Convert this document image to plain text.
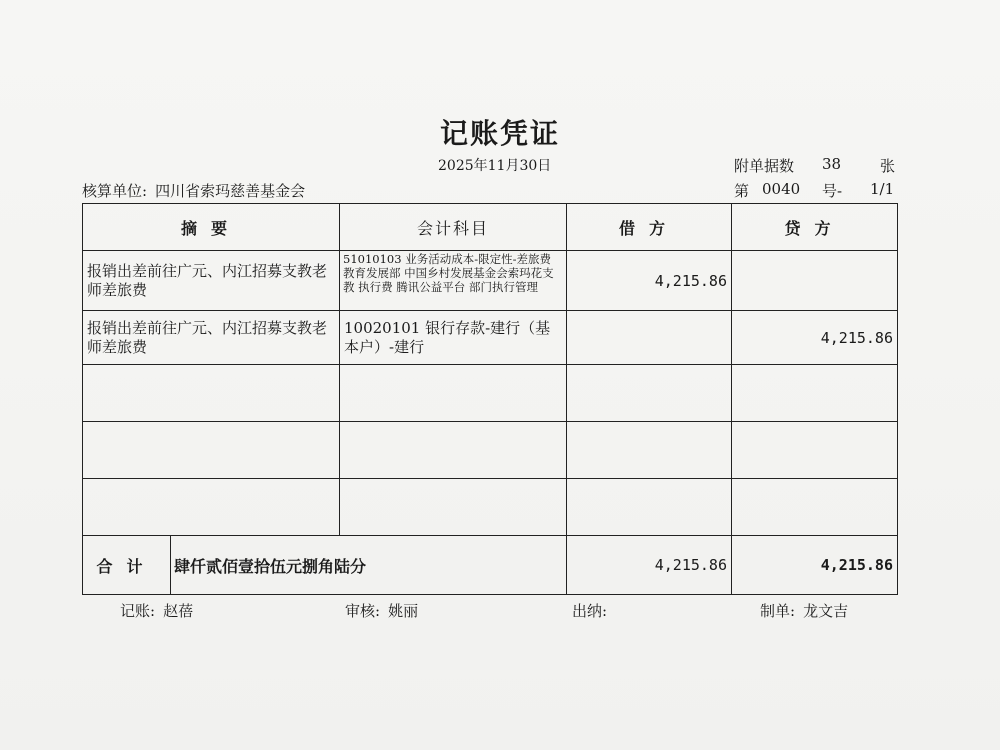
记账凭证
2025年11月30日	附单据数 38	张
核算单位: 四川省索玛慈善基金会	第 0040 号- 1/1
摘要	会计科目	借方	贷方
报销出差前往广元、内江招募支教老师差旅费	51010103 业务活动成本-限定性-差旅费 教育发展部 中国乡村发展基金会索玛花支教 执行费 腾讯公益平台 部门执行管理	4,215.86	
报销出差前往广元、内江招募支教老师差旅费	10020101 银行存款-建行（基本户）-建行		4,215.86

合计 肆仟贰佰壹拾伍元捌角陆分		4,215.86	4,215.86
记账: 赵蓓	审核: 姚丽	出纳:	制单: 龙文吉
